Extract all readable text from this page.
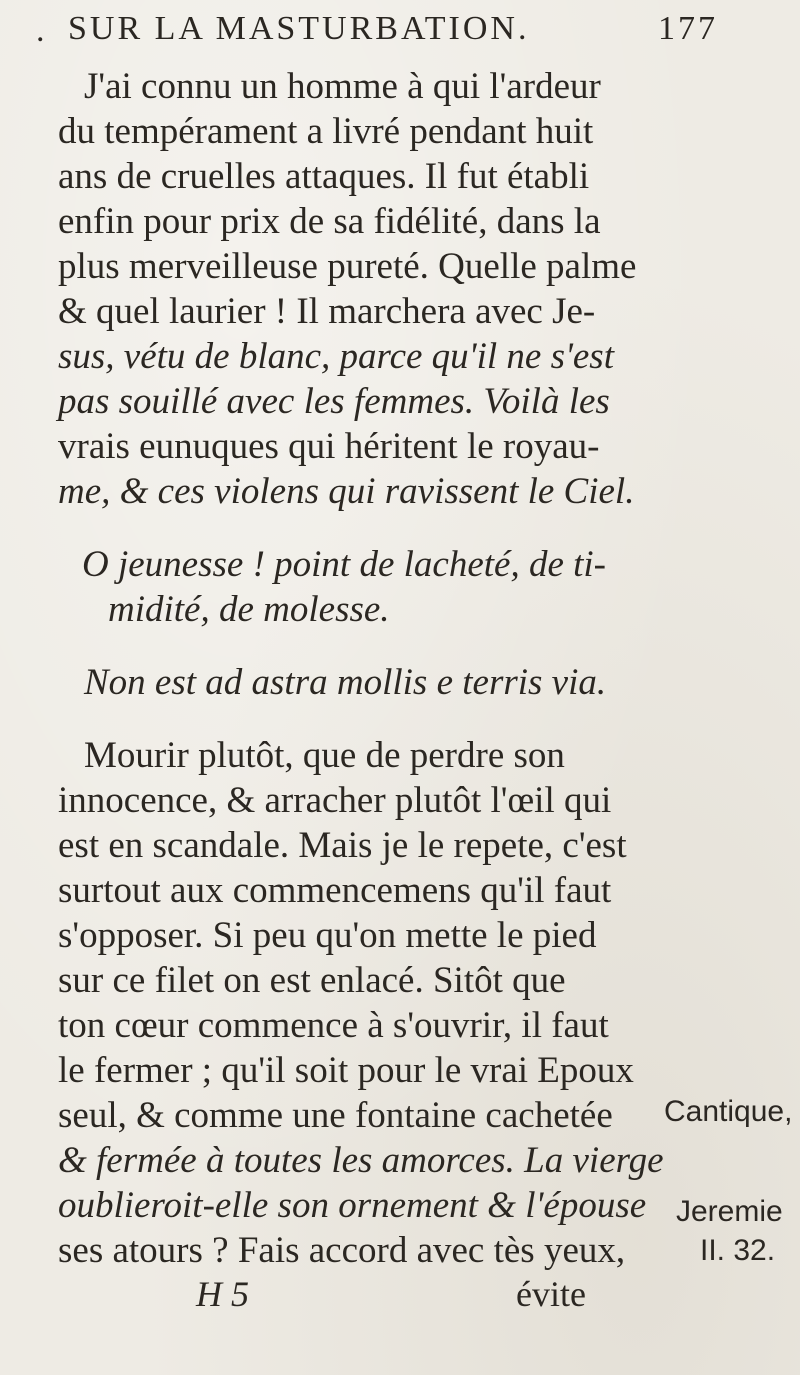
. SUR LA MASTURBATION.	177
J'ai connu un homme à qui l'ardeur
du tempérament a livré pendant huit
ans de cruelles attaques. Il fut établi
enfin pour prix de sa fidélité, dans la
plus merveilleuse pureté. Quelle palme
& quel laurier ! Il marchera avec Je-
sus, vétu de blanc, parce qu'il ne s'est
pas souillé avec les femmes. Voilà les
vrais eunuques qui héritent le royau-
me, & ces violens qui ravissent le Ciel.
O jeunesse ! point de lacheté, de ti-
midité, de molesse.
Non est ad astra mollis e terris via.
Mourir plutôt, que de perdre son
innocence, & arracher plutôt l'œil qui
est en scandale. Mais je le repete, c'est
surtout aux commencemens qu'il faut
s'opposer. Si peu qu'on mette le pied
sur ce filet on est enlacé. Sitôt que
ton cœur commence à s'ouvrir, il faut
le fermer ; qu'il soit pour le vrai Epoux
seul, & comme une fontaine cachetée
& fermée à toutes les amorces. La vierge
oublieroit-elle son ornement & l'épouse
ses atours ? Fais accord avec tès yeux,
Cantique,
Jeremie
II. 32.
H 5	évite
